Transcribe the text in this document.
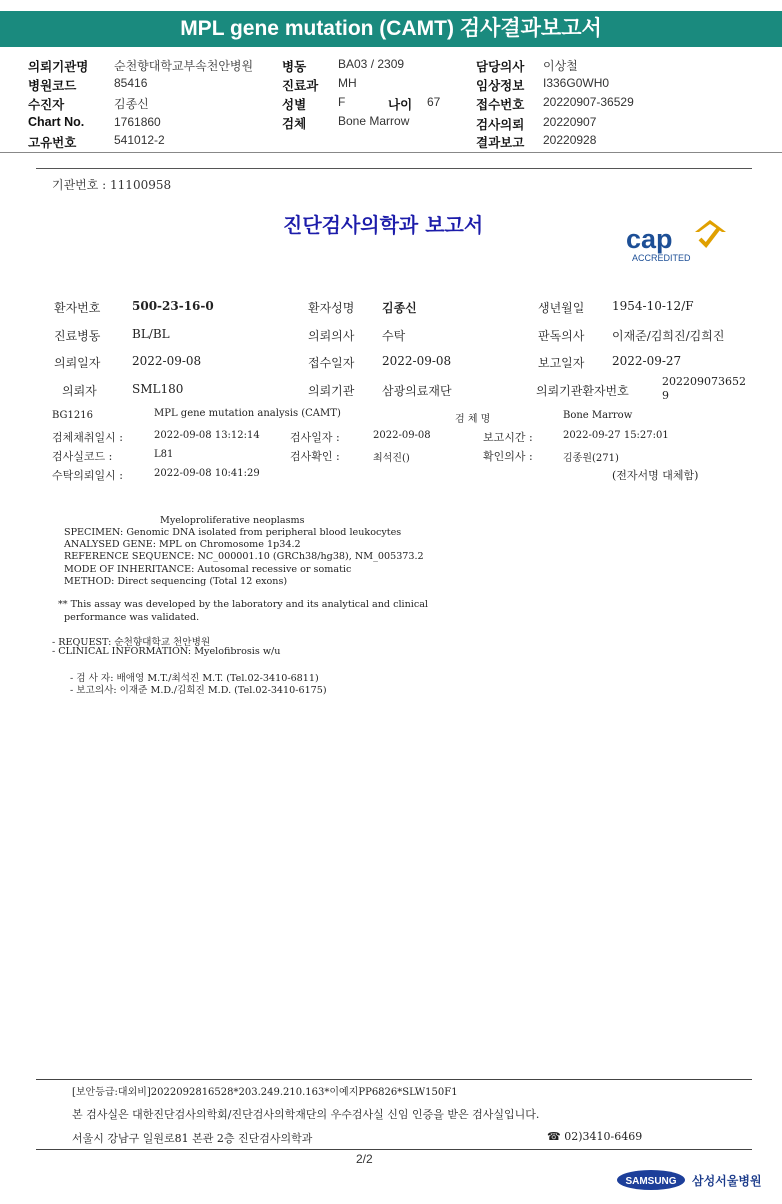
MPL gene mutation (CAMT) 검사결과보고서
의뢰기관명 순천향대학교부속천안병원
병원코드	85416
수진자	김종신
Chart No. 1761860
고유번호	541012-2
병동	BA03 / 2309
진료과 MH
성별	F	나이 67
검체	Bone Marrow
담당의사 이상철
임상정보 I336G0WH0
접수번호 20220907-36529
검사의뢰 20220907
결과보고 20220928
기관번호 : 11100958
진단검사의학과 보고서	cap
ACCREDITED
환자번호	500-23-16-0	환자성명 김종신	생년월일 1954-10-12/F
진료병동	BL/BL	의뢰의사 수탁	판독의사 이재준/김희진/김희진
의뢰일자	2022-09-08	접수일자 2022-09-08	보고일자 2022-09-27
의뢰자	SML180	의뢰기관 삼광의료재단	의뢰기관환자번호
202209073652
9
BG1216	MPL gene mutation analysis (CAMT)
검 체 명	Bone Marrow
검체채취일시 :	2022-09-08 13:12:14	검사일자 :	2022-09-08	보고시간 :	2022-09-27 15:27:01
검사실코드 :	L81	검사확인 :	최석진()	확인의사 :	김종원(271)
수탁의뢰일시 :	2022-09-08 10:41:29	(전자서명 대체함)
Myeloproliferative neoplasms
SPECIMEN: Genomic DNA isolated from peripheral blood leukocytes
ANALYSED GENE: MPL on Chromosome 1p34.2
REFERENCE SEQUENCE: NC_000001.10 (GRCh38/hg38), NM_005373.2
MODE OF INHERITANCE: Autosomal recessive or somatic
METHOD: Direct sequencing (Total 12 exons)
** This assay was developed by the laboratory and its analytical and clinical
performance was validated.
- REQUEST: 순천향대학교 천안병원
- CLINICAL INFORMATION: Myelofibrosis w/u
- 검 사 자: 배애영 M.T./최석진 M.T. (Tel.02-3410-6811)
- 보고의사: 이재준 M.D./김희진 M.D. (Tel.02-3410-6175)
[보안등급:대외비]2022092816528*203.249.210.163*이예지PP6826*SLW150F1
본 검사실은 대한진단검사의학회/진단검사의학재단의 우수검사실 신임 인증을 받은 검사실입니다.
서울시 강남구 일원로81 본관 2층 진단검사의학과	☎ 02)3410-6469
2/2
SAMSUNG 삼성서울병원
